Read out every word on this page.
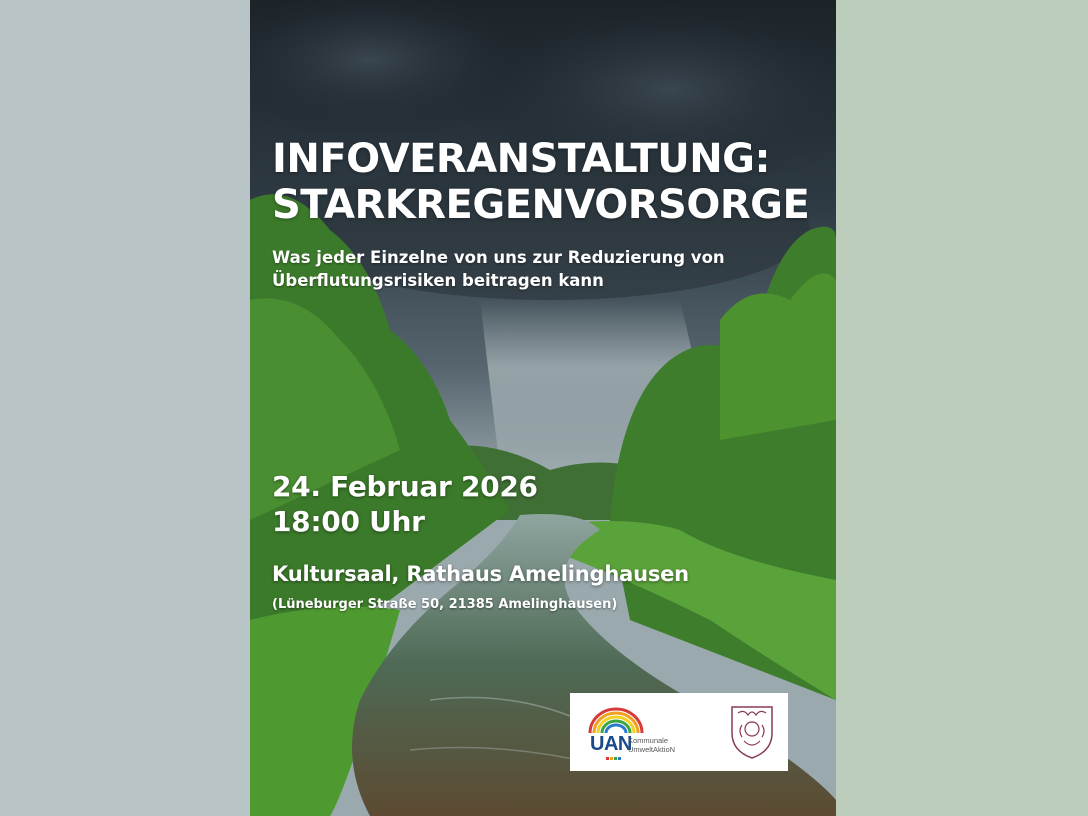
INFOVERANSTALTUNG:
STARKREGENVORSORGE

Was jeder Einzelne von uns zur Reduzierung von Überflutungsrisiken beitragen kann

24. Februar 2026
18:00 Uhr
Kultursaal, Rathaus Amelinghausen
(Lüneburger Straße 50, 21385 Amelinghausen)
UAN
Kommunale
UmweltAktioN
